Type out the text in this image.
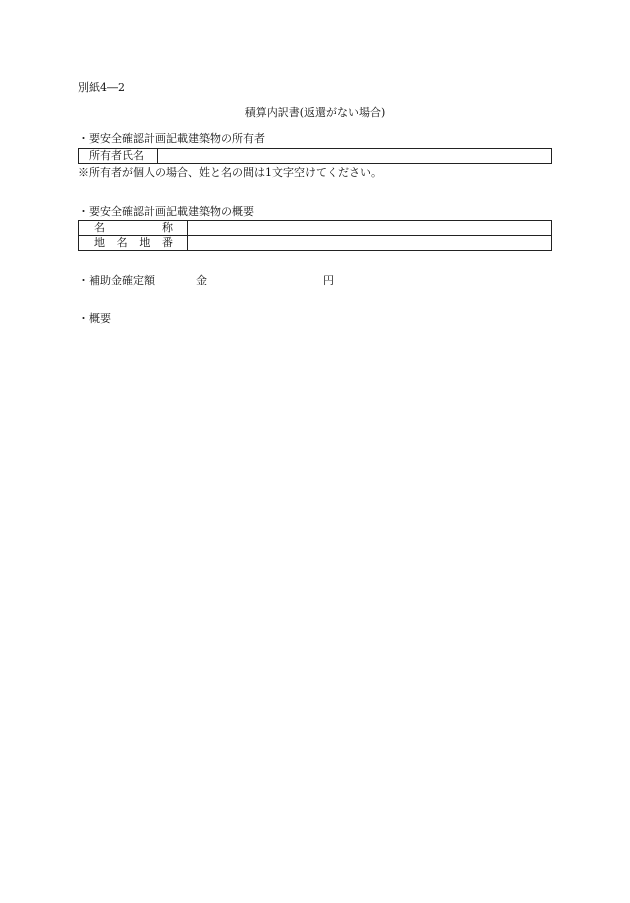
別紙4―2
積算内訳書(返還がない場合)
・要安全確認計画記載建築物の所有者
所有者氏名	
※所有者が個人の場合、姓と名の間は1文字空けてください。
・要安全確認計画記載建築物の概要
名 称	

地 名 地 番	

・補助金確定額	金	円
・概要
